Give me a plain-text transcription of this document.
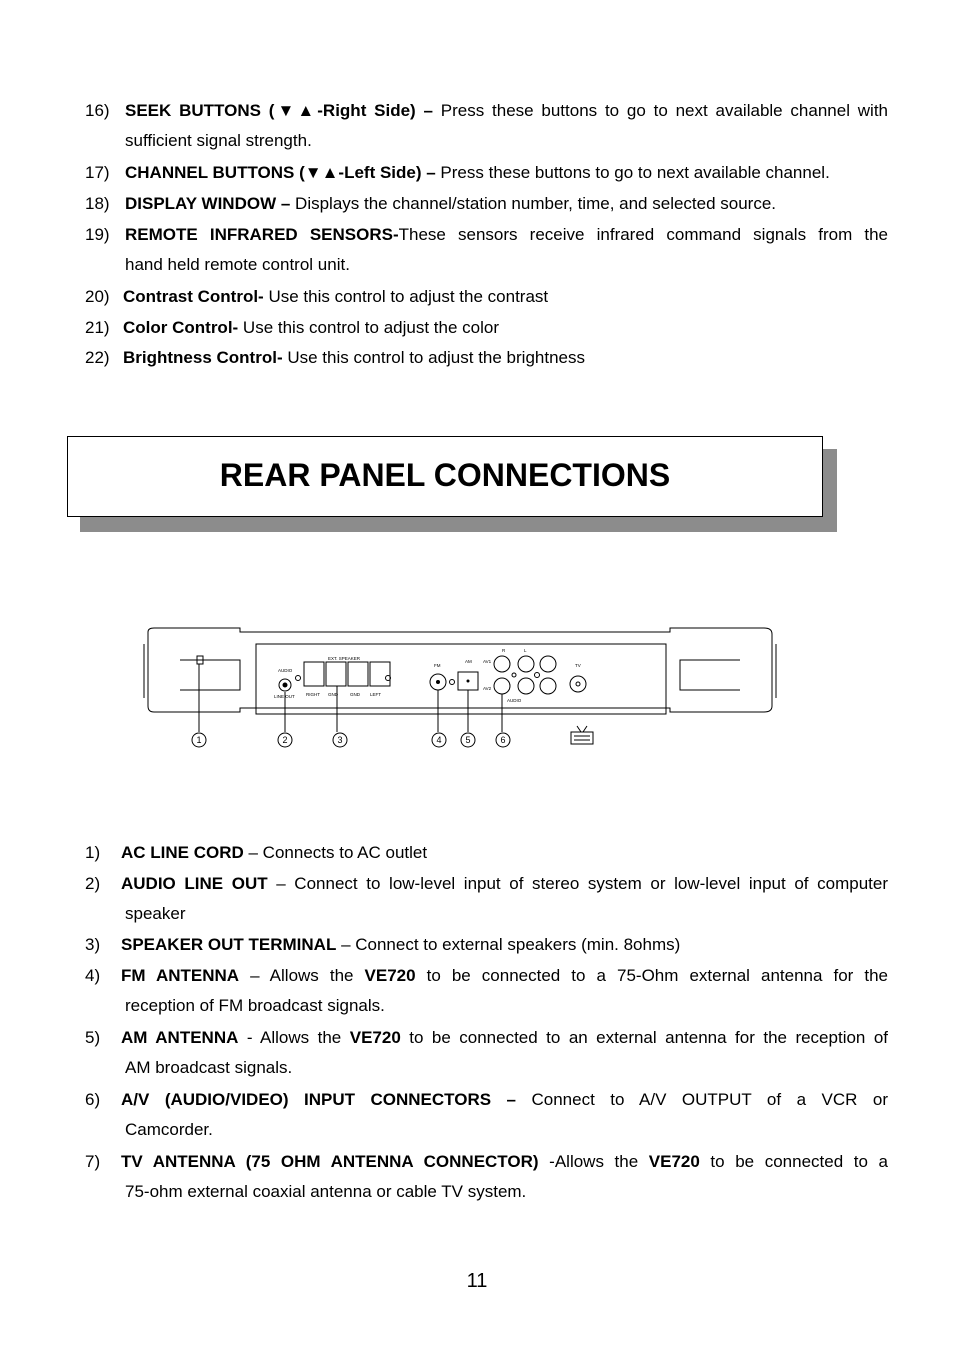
16) SEEK BUTTONS (▼▲-Right Side) – Press these buttons to go to next available channel with
sufficient signal strength.
17) CHANNEL BUTTONS (▼▲-Left Side) – Press these buttons to go to next available channel.
18) DISPLAY WINDOW – Displays the channel/station number, time, and selected source.
19) REMOTE INFRARED SENSORS-These sensors receive infrared command signals from the
hand held remote control unit.
20) Contrast Control- Use this control to adjust the contrast
21) Color Control- Use this control to adjust the color
22) Brightness Control- Use this control to adjust the brightness
REAR PANEL CONNECTIONS
AUDIO
LINE OUT
EXT. SPEAKER
RIGHT GND	GND LEFT
FM
AM	AV1
AV2
R	L
AUDIO
TV
1	2	3	4	5	6
1) AC LINE CORD – Connects to AC outlet
2) AUDIO LINE OUT – Connect to low-level input of stereo system or low-level input of computer
speaker
3) SPEAKER OUT TERMINAL – Connect to external speakers (min. 8ohms)
4) FM ANTENNA – Allows the VE720 to be connected to a 75-Ohm external antenna for the
reception of FM broadcast signals.
5) AM ANTENNA - Allows the VE720 to be connected to an external antenna for the reception of
AM broadcast signals.
6) A/V (AUDIO/VIDEO) INPUT CONNECTORS – Connect to A/V OUTPUT of a VCR or
Camcorder.
7) TV ANTENNA (75 OHM ANTENNA CONNECTOR) -Allows the VE720 to be connected to a
75-ohm external coaxial antenna or cable TV system.
11
